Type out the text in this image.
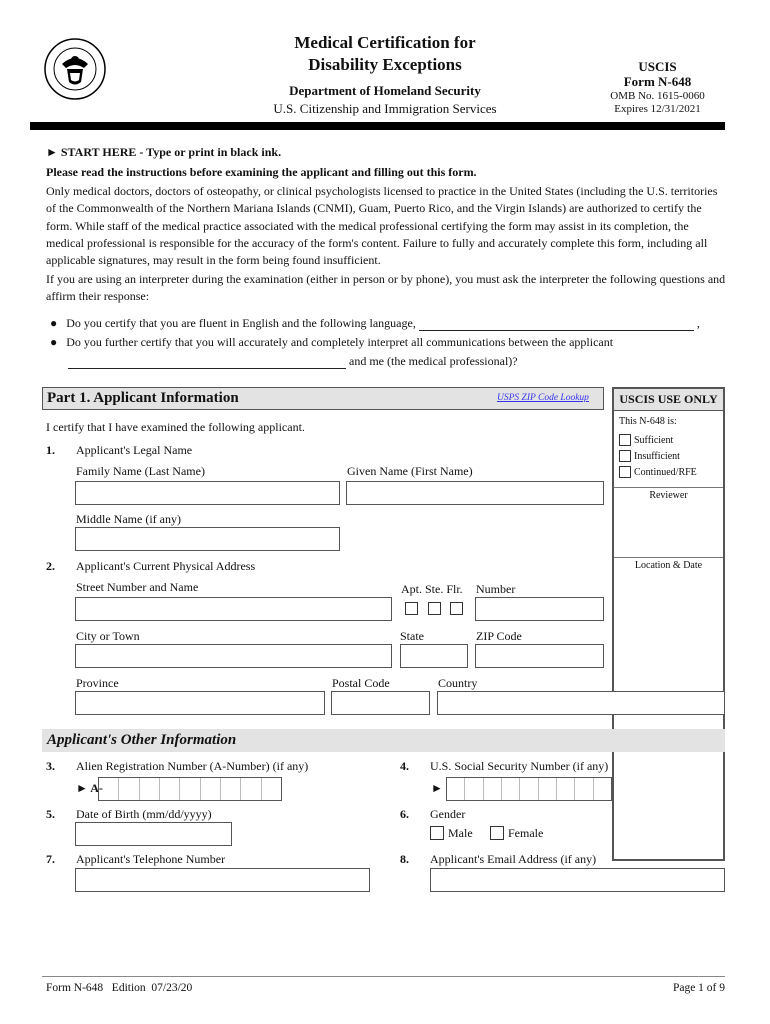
Medical Certification for
Disability Exceptions
Department of Homeland Security
U.S. Citizenship and Immigration Services
USCIS
Form N-648
OMB No. 1615-0060
Expires 12/31/2021
► START HERE - Type or print in black ink.
Please read the instructions before examining the applicant and filling out this form.
Only medical doctors, doctors of osteopathy, or clinical psychologists licensed to practice in the United States (including the U.S. territories of the Commonwealth of the Northern Mariana Islands (CNMI), Guam, Puerto Rico, and the Virgin Islands) are authorized to certify the form. While staff of the medical practice associated with the medical professional certifying the form may assist in its completion, the medical professional is responsible for the accuracy of the form's content. Failure to fully and accurately complete this form, including all applicable signatures, may result in the form being found insufficient.
If you are using an interpreter during the examination (either in person or by phone), you must ask the interpreter the following questions and affirm their response:
●   Do you certify that you are fluent in English and the following language,	,
●   Do you further certify that you will accurately and completely interpret all communications between the applicant
and me (the medical professional)?
Part 1. Applicant Information	USPS ZIP Code Lookup	USCIS USE ONLY
This N-648 is:
Sufficient
Insufficient
Continued/RFE
Reviewer
Location & Date
I certify that I have examined the following applicant.
1. Applicant's Legal Name
Family Name (Last Name)	Given Name (First Name)
Middle Name (if any)
2. Applicant's Current Physical Address
Street Number and Name	Apt. Ste. Flr. Number
City or Town	State	ZIP Code
Province	Postal Code	Country
Applicant's Other Information
3. Alien Registration Number (A-Number) (if any)
► A-
4. U.S. Social Security Number (if any)
►
5. Date of Birth (mm/dd/yyyy)	6. Gender
Male	Female
7. Applicant's Telephone Number	8. Applicant's Email Address (if any)
Form N-648   Edition  07/23/20	Page 1 of 9
